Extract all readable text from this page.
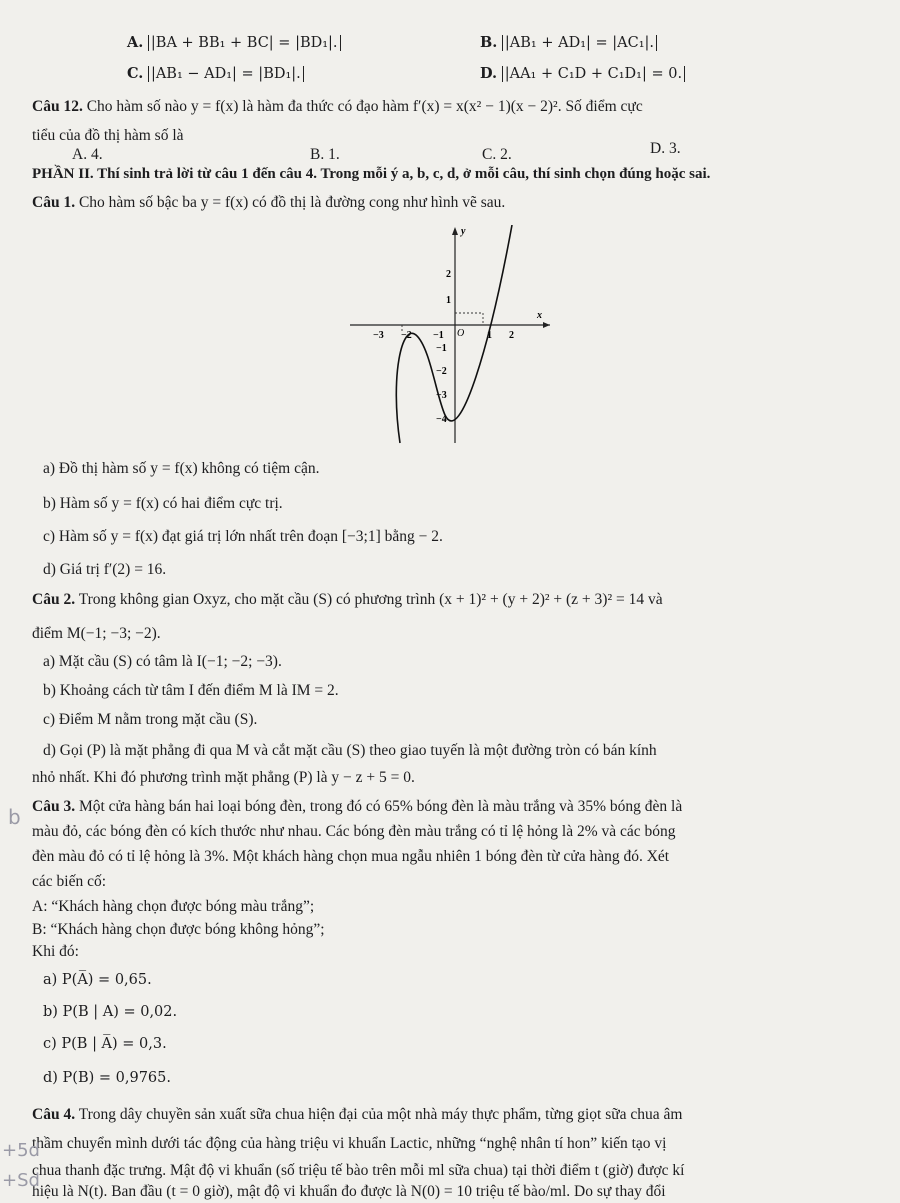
A. |BA + BB₁ + BC| = |BD₁|.	B. |AB₁ + AD₁| = |AC₁|.
C. |AB₁ − AD₁| = |BD₁|.	D. |AA₁ + C₁D + C₁D₁| = 0.
Câu 12. Cho hàm số nào y = f(x) là hàm đa thức có đạo hàm f′(x) = x(x² − 1)(x − 2)². Số điểm cực
tiểu của đồ thị hàm số là
A. 4.	B. 1.	C. 2.	D. 3.
PHẦN II. Thí sinh trả lời từ câu 1 đến câu 4. Trong mỗi ý a, b, c, d, ở mỗi câu, thí sinh chọn đúng hoặc sai.
Câu 1. Cho hàm số bậc ba y = f(x) có đồ thị là đường cong như hình vẽ sau.
y
x
O
−3 −2 −1	1 2
2
1
−1
−2
−3
−4
a) Đồ thị hàm số y = f(x) không có tiệm cận.
b) Hàm số y = f(x) có hai điểm cực trị.
c) Hàm số y = f(x) đạt giá trị lớn nhất trên đoạn [−3;1] bằng − 2.
d) Giá trị f′(2) = 16.
Câu 2. Trong không gian Oxyz, cho mặt cầu (S) có phương trình (x + 1)² + (y + 2)² + (z + 3)² = 14 và
điểm M(−1; −3; −2).
a) Mặt cầu (S) có tâm là I(−1; −2; −3).
b) Khoảng cách từ tâm I đến điểm M là IM = 2.
c) Điểm M nằm trong mặt cầu (S).
d) Gọi (P) là mặt phẳng đi qua M và cắt mặt cầu (S) theo giao tuyến là một đường tròn có bán kính
nhỏ nhất. Khi đó phương trình mặt phẳng (P) là y − z + 5 = 0.
Câu 3. Một cửa hàng bán hai loại bóng đèn, trong đó có 65% bóng đèn là màu trắng và 35% bóng đèn là
màu đỏ, các bóng đèn có kích thước như nhau. Các bóng đèn màu trắng có tỉ lệ hỏng là 2% và các bóng
đèn màu đỏ có tỉ lệ hỏng là 3%. Một khách hàng chọn mua ngẫu nhiên 1 bóng đèn từ cửa hàng đó. Xét
các biến cố:
A: “Khách hàng chọn được bóng màu trắng”;
B: “Khách hàng chọn được bóng không hỏng”;
Khi đó:
a) P(A̅) = 0,65.
b) P(B | A) = 0,02.
c) P(B | A̅) = 0,3.
d) P(B) = 0,9765.
Câu 4. Trong dây chuyền sản xuất sữa chua hiện đại của một nhà máy thực phẩm, từng giọt sữa chua âm
thầm chuyển mình dưới tác động của hàng triệu vi khuẩn Lactic, những “nghệ nhân tí hon” kiến tạo vị
chua thanh đặc trưng. Mật độ vi khuẩn (số triệu tế bào trên mỗi ml sữa chua) tại thời điểm t (giờ) được kí
hiệu là N(t). Ban đầu (t = 0 giờ), mật độ vi khuẩn đo được là N(0) = 10 triệu tế bào/ml. Do sự thay đổi
b
+5d
+Sd
